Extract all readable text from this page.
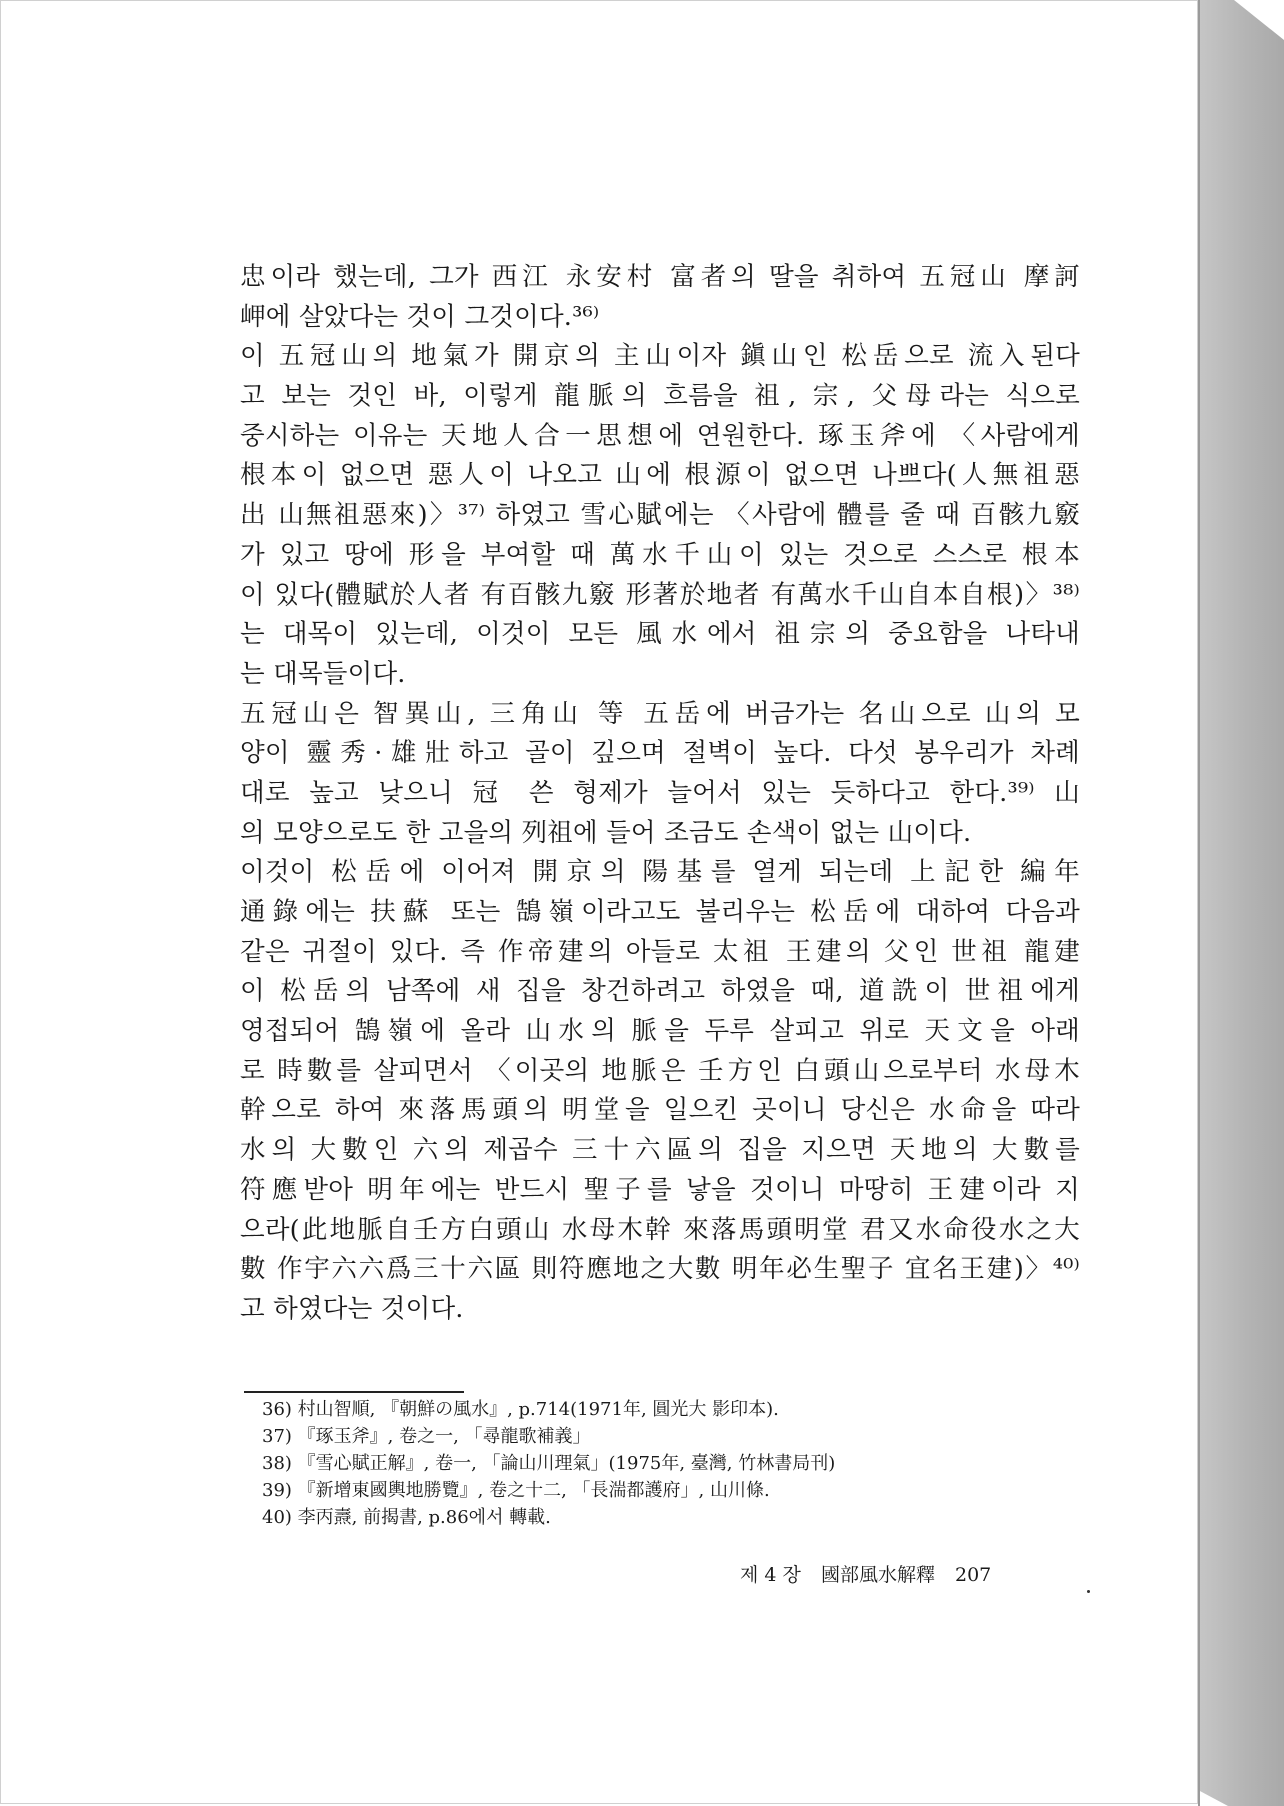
忠이라 했는데, 그가 西江 永安村 富者의 딸을 취하여 五冠山 摩訶
岬에 살았다는 것이 그것이다.³⁶⁾
이 五冠山의 地氣가 開京의 主山이자 鎭山인 松岳으로 流入된다
고 보는 것인 바, 이렇게 龍脈의 흐름을 祖, 宗, 父母라는 식으로
중시하는 이유는 天地人合一思想에 연원한다. 琢玉斧에 〈사람에게
根本이 없으면 惡人이 나오고 山에 根源이 없으면 나쁘다(人無祖惡
出 山無祖惡來)〉³⁷⁾ 하였고 雪心賦에는 〈사람에 體를 줄 때 百骸九竅
가 있고 땅에 形을 부여할 때 萬水千山이 있는 것으로 스스로 根本
이 있다(體賦於人者 有百骸九竅 形著於地者 有萬水千山自本自根)〉³⁸⁾
는 대목이 있는데, 이것이 모든 風水에서 祖宗의 중요함을 나타내
는 대목들이다.
五冠山은 智異山, 三角山 等 五岳에 버금가는 名山으로 山의 모
양이 靈秀·雄壯하고 골이 깊으며 절벽이 높다. 다섯 봉우리가 차례
대로 높고 낮으니 冠 쓴 형제가 늘어서 있는 듯하다고 한다.³⁹⁾ 山
의 모양으로도 한 고을의 列祖에 들어 조금도 손색이 없는 山이다.
이것이 松岳에 이어져 開京의 陽基를 열게 되는데 上記한 編年
通錄에는 扶蘇 또는 鵠嶺이라고도 불리우는 松岳에 대하여 다음과
같은 귀절이 있다. 즉 作帝建의 아들로 太祖 王建의 父인 世祖 龍建
이 松岳의 남쪽에 새 집을 창건하려고 하였을 때, 道詵이 世祖에게
영접되어 鵠嶺에 올라 山水의 脈을 두루 살피고 위로 天文을 아래
로 時數를 살피면서 〈이곳의 地脈은 壬方인 白頭山으로부터 水母木
幹으로 하여 來落馬頭의 明堂을 일으킨 곳이니 당신은 水命을 따라
水의 大數인 六의 제곱수 三十六區의 집을 지으면 天地의 大數를
符應받아 明年에는 반드시 聖子를 낳을 것이니 마땅히 王建이라 지
으라(此地脈自壬方白頭山 水母木幹 來落馬頭明堂 君又水命役水之大
數 作宇六六爲三十六區 則符應地之大數 明年必生聖子 宜名王建)〉⁴⁰⁾
고 하였다는 것이다.
36) 村山智順, 『朝鮮の風水』, p.714(1971年, 圓光大 影印本).
37) 『琢玉斧』, 卷之一, 「尋龍歌補義」
38) 『雪心賦正解』, 卷一, 「論山川理氣」(1975年, 臺灣, 竹林書局刊)
39) 『新增東國輿地勝覽』, 卷之十二, 「長湍都護府」, 山川條.
40) 李丙燾, 前揭書, p.86에서 轉載.
제 4 장 國部風水解釋 207
